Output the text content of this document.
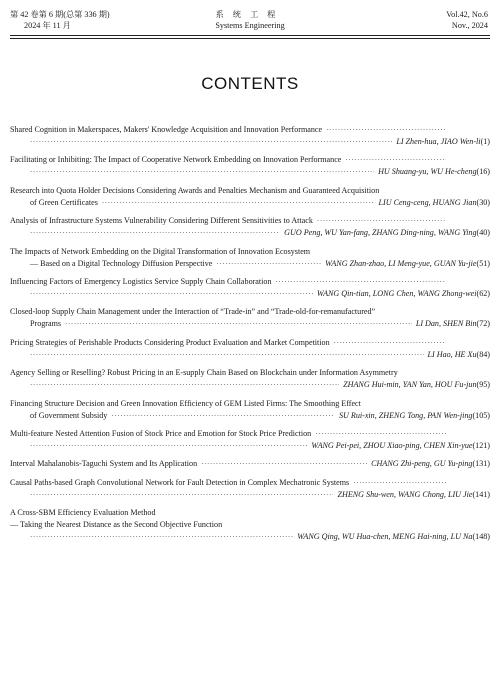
第 42 卷第 6 期(总第 336 期)
2024 年 11 月
系统工程
Systems Engineering
Vol.42, No.6
Nov., 2024
CONTENTS
Shared Cognition in Makerspaces, Makers' Knowledge Acquisition and Innovation Performance
·····
·····
LI Zhen-hua, JIAO Wen-li(1)
Facilitating or Inhibiting: The Impact of Cooperative Network Embedding on Innovation Performance
·····
·····
HU Shuang-yu, WU He-cheng(16)
Research into Quota Holder Decisions Considering Awards and Penalties Mechanism and Guaranteed Acquisition
of Green Certificates ·····	LIU Ceng-ceng, HUANG Jian(30)
Analysis of Infrastructure Systems Vulnerability Considering Different Sensitivities to Attack
·····
·····
GUO Peng, WU Yan-fang, ZHANG Ding-ning, WANG Ying(40)
The Impacts of Network Embedding on the Digital Transformation of Innovation Ecosystem
— Based on a Digital Technology Diffusion Perspective ·····	WANG Zhan-zhao, LI Meng-yue, GUAN Yu-jie(51)
Influencing Factors of Emergency Logistics Service Supply Chain Collaboration
·····
·····
WANG Qin-tian, LONG Chen, WANG Zhong-wei(62)
Closed-loop Supply Chain Management under the Interaction of “Trade-in” and “Trade-old-for-remanufactured”
Programs ·····	LI Dan, SHEN Bin(72)
Pricing Strategies of Perishable Products Considering Product Evaluation and Market Competition
·····
·····
LI Hao, HE Xu(84)
Agency Selling or Reselling? Robust Pricing in an E-supply Chain Based on Blockchain under Information Asymmetry
·····
ZHANG Hui-min, YAN Yan, HOU Fu-jun(95)
Financing Structure Decision and Green Innovation Efficiency of GEM Listed Firms: The Smoothing Effect
of Government Subsidy ·····	SU Rui-xin, ZHENG Tong, PAN Wen-jing(105)
Multi-feature Nested Attention Fusion of Stock Price and Emotion for Stock Price Prediction
·····
·····
WANG Pei-pei, ZHOU Xiao-ping, CHEN Xin-yue(121)
Interval Mahalanobis-Taguchi System and Its Application ·····	CHANG Zhi-peng, GU Yu-ping(131)
Causal Paths-based Graph Convolutional Network for Fault Detection in Complex Mechatronic Systems
·····
·····
ZHENG Shu-wen, WANG Chong, LIU Jie(141)
A Cross-SBM Efficiency Evaluation Method
— Taking the Nearest Distance as the Second Objective Function
·····
WANG Qing, WU Hua-chen, MENG Hai-ning, LU Na(148)
